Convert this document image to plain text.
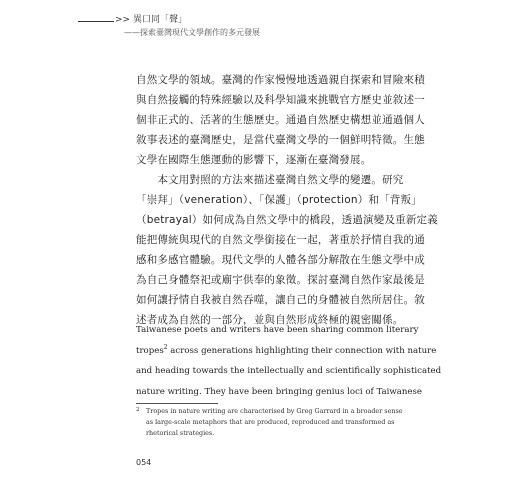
>> 異口同「聲」
——探索臺灣現代文學創作的多元發展
自然文學的領域。臺灣的作家慢慢地透過親自探索和冒險來積
與自然接觸的特殊經驗以及科學知識來挑戰官方歷史並敘述一
個非正式的、活著的生態歷史。通過自然歷史構想並通過個人
敘事表述的臺灣歷史，是當代臺灣文學的一個鮮明特徵。生態
文學在國際生態運動的影響下，逐漸在臺灣發展。
　　本文用對照的方法來描述臺灣自然文學的變遷。研究
「崇拜」（veneration）、「保護」（protection）和「背叛」
（betrayal）如何成為自然文學中的橋段，透過演變及重新定義
能把傳統與現代的自然文學銜接在一起，著重於抒情自我的通
感和多感官體驗。現代文學的人體各部分解散在生態文學中成
為自己身體祭祀或廟宇供奉的象徵。探討臺灣自然作家最後是
如何讓抒情自我被自然吞噬，讓自己的身體被自然所居住。敘
述者成為自然的一部分，並與自然形成終極的親密關係。
Taiwanese poets and writers have been sharing common literary
tropes$^2$ across generations highlighting their connection with nature
and heading towards the intellectually and scientifically sophisticated
nature writing. They have been bringing genius loci of Taiwanese
2	Tropes in nature writing are characterised by Greg Garrard in a broader sense
as large-scale metaphors that are produced, reproduced and transformed as
rhetorical strategies.
054
